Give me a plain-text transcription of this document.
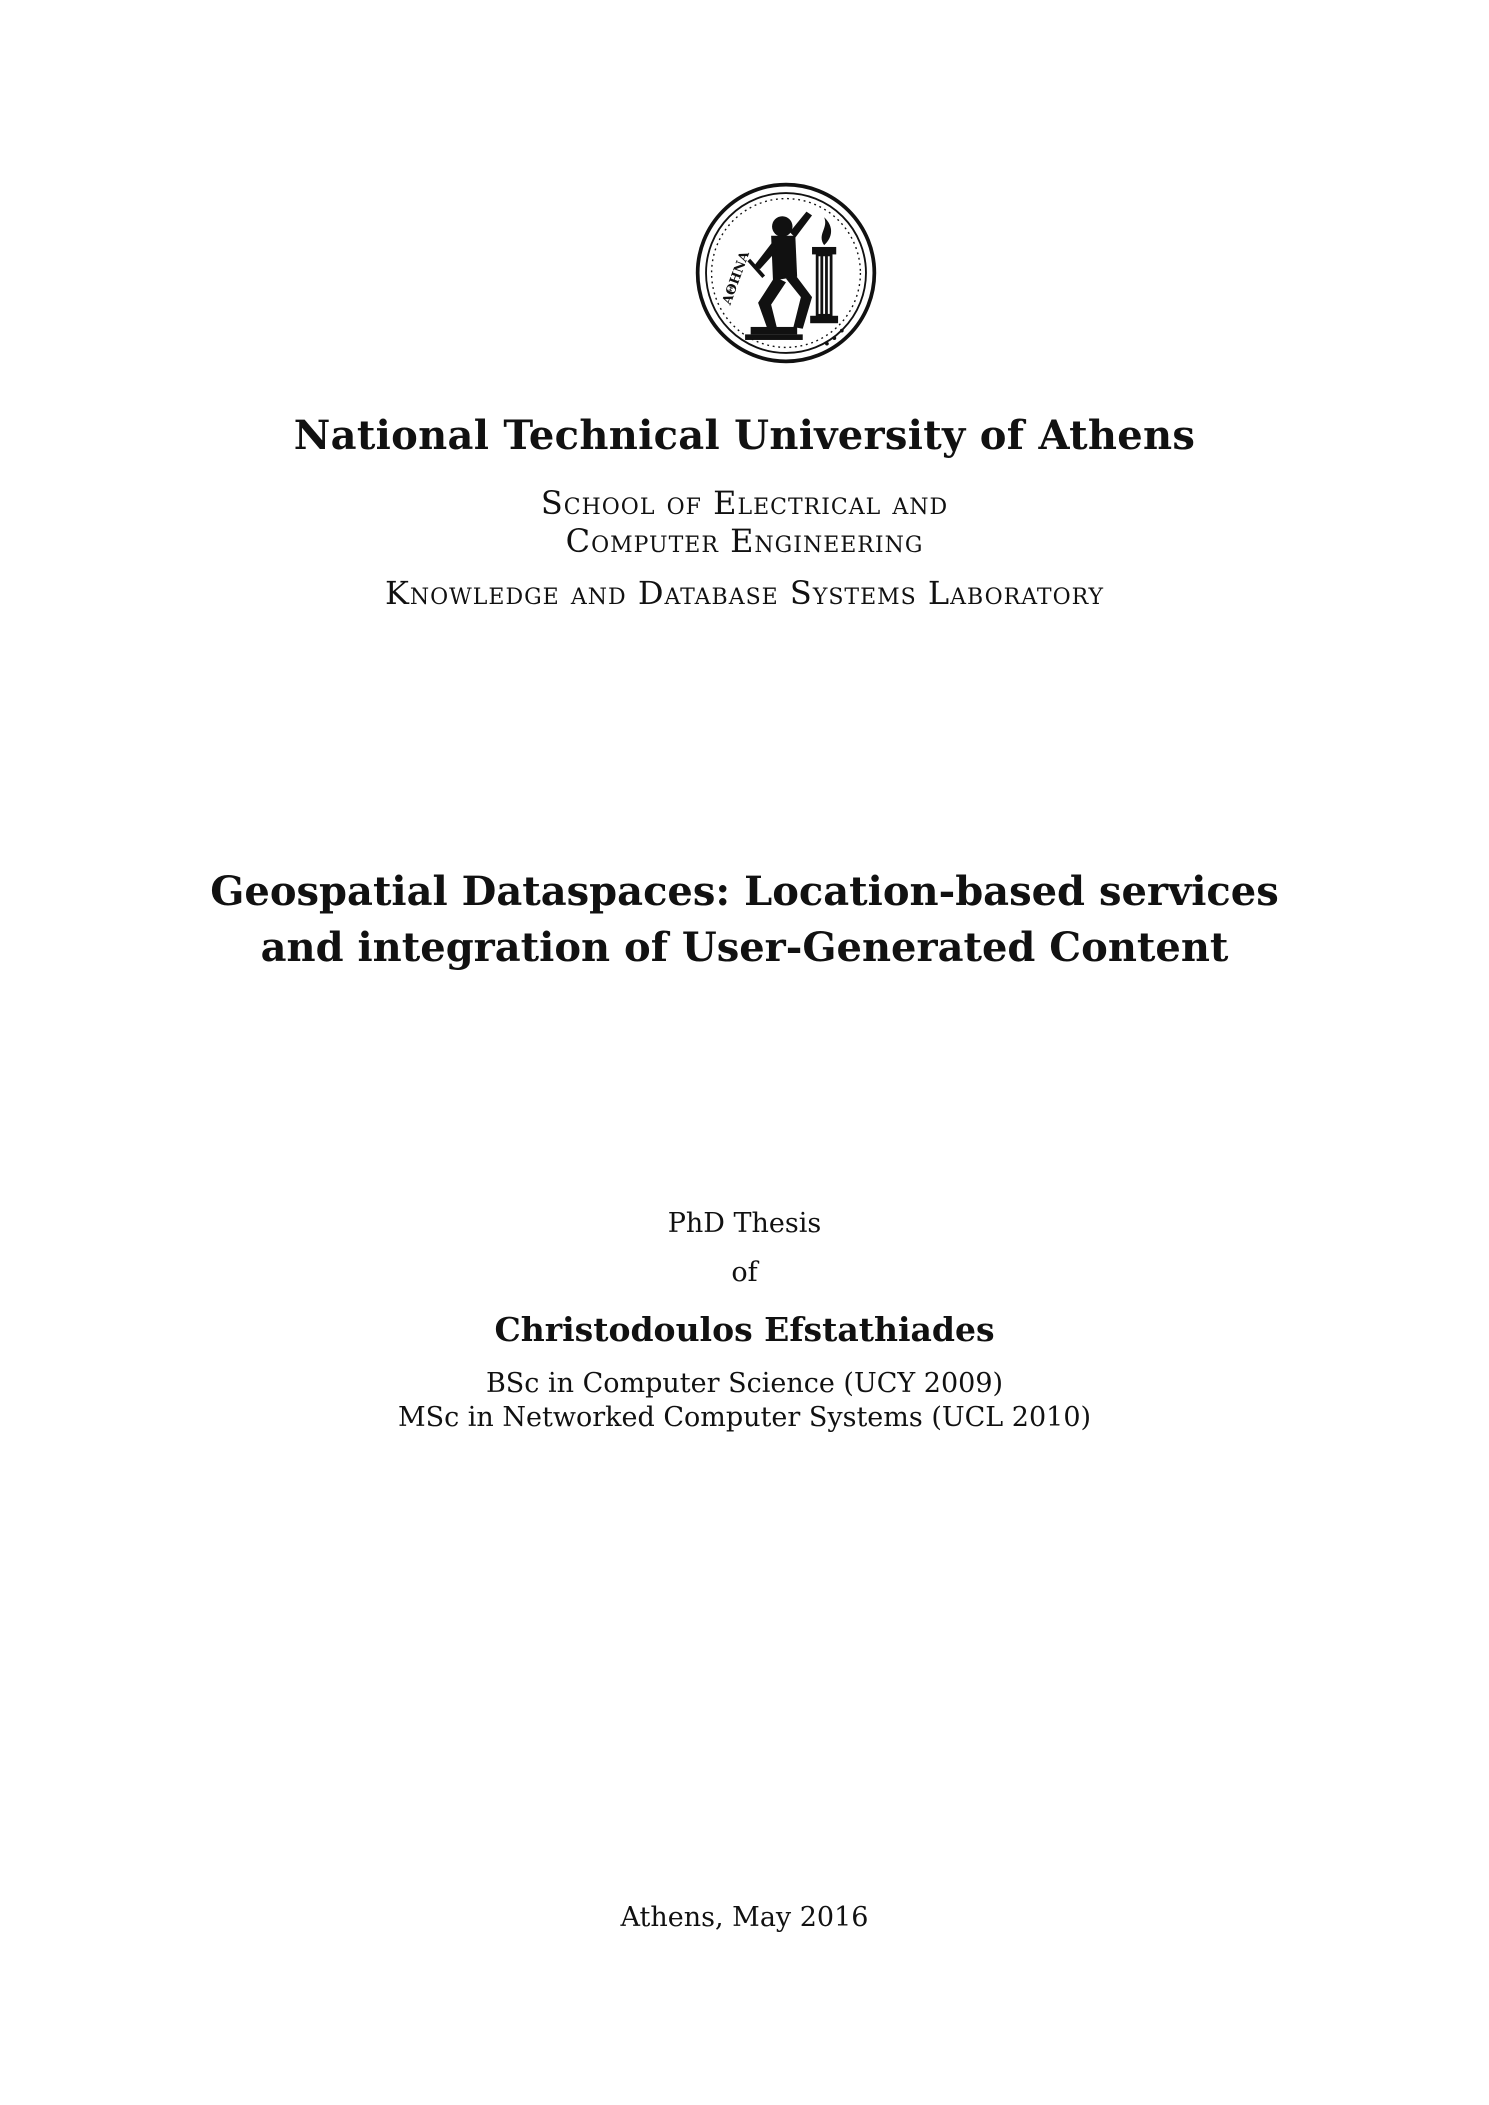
ΑΘΗΝΑ
National Technical University of Athens
School of Electrical and
Computer Engineering
Knowledge and Database Systems Laboratory
Geospatial Dataspaces: Location-based services
and integration of User-Generated Content
PhD Thesis
of
Christodoulos Efstathiades
BSc in Computer Science (UCY 2009)
MSc in Networked Computer Systems (UCL 2010)
Athens, May 2016
